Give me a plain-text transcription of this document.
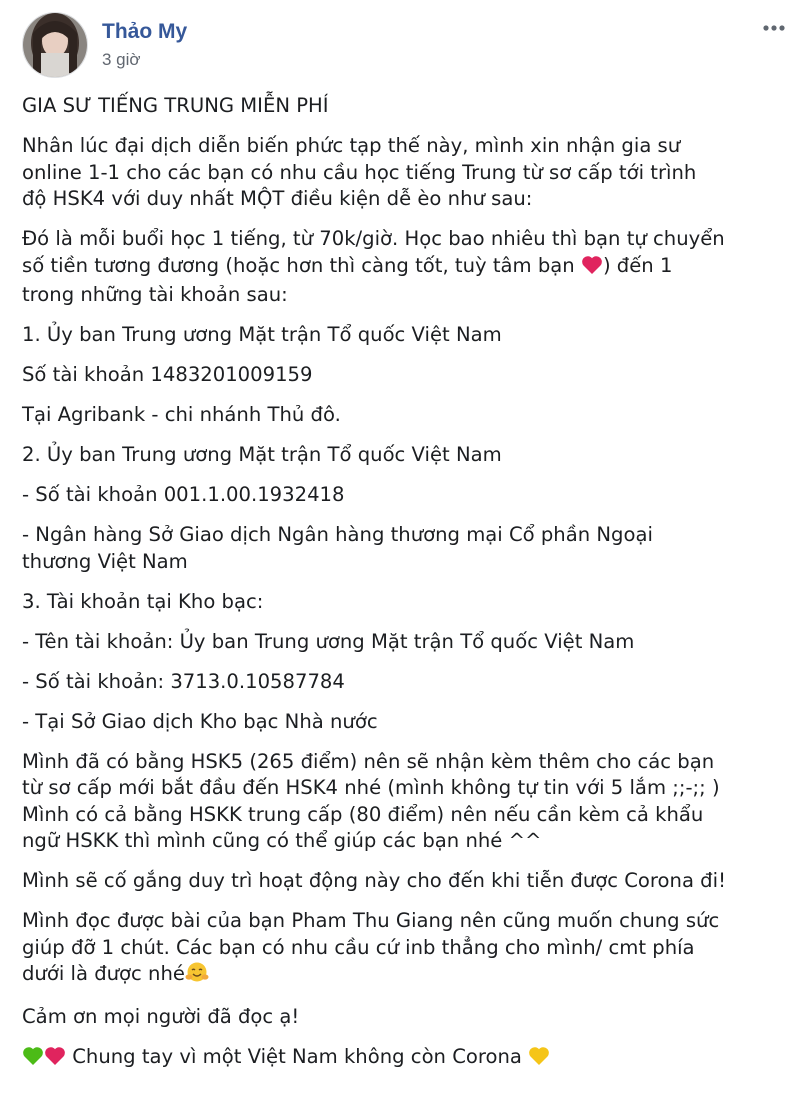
Thảo My
3 giờ

GIA SƯ TIẾNG TRUNG MIỄN PHÍ

Nhân lúc đại dịch diễn biến phức tạp thế này, mình xin nhận gia sư
online 1-1 cho các bạn có nhu cầu học tiếng Trung từ sơ cấp tới trình
độ HSK4 với duy nhất MỘT điều kiện dễ èo như sau:
Đó là mỗi buổi học 1 tiếng, từ 70k/giờ. Học bao nhiêu thì bạn tự chuyển
số tiền tương đương (hoặc hơn thì càng tốt, tuỳ tâm bạn ) đến 1
trong những tài khoản sau:

1. Ủy ban Trung ương Mặt trận Tổ quốc Việt Nam

Số tài khoản 1483201009159

Tại Agribank - chi nhánh Thủ đô.

2. Ủy ban Trung ương Mặt trận Tổ quốc Việt Nam

- Số tài khoản 001.1.00.1932418

- Ngân hàng Sở Giao dịch Ngân hàng thương mại Cổ phần Ngoại
thương Việt Nam

3. Tài khoản tại Kho bạc:

- Tên tài khoản: Ủy ban Trung ương Mặt trận Tổ quốc Việt Nam

- Số tài khoản: 3713.0.10587784

- Tại Sở Giao dịch Kho bạc Nhà nước

Mình đã có bằng HSK5 (265 điểm) nên sẽ nhận kèm thêm cho các bạn
từ sơ cấp mới bắt đầu đến HSK4 nhé (mình không tự tin với 5 lắm ;;-;; )
Mình có cả bằng HSKK trung cấp (80 điểm) nên nếu cần kèm cả khẩu
ngữ HSKK thì mình cũng có thể giúp các bạn nhé ^^

Mình sẽ cố gắng duy trì hoạt động này cho đến khi tiễn được Corona đi!

Mình đọc được bài của bạn Pham Thu Giang nên cũng muốn chung sức
giúp đỡ 1 chút. Các bạn có nhu cầu cứ inb thẳng cho mình/ cmt phía
dưới là được nhé

Cảm ơn mọi người đã đọc ạ!

Chung tay vì một Việt Nam không còn Corona
